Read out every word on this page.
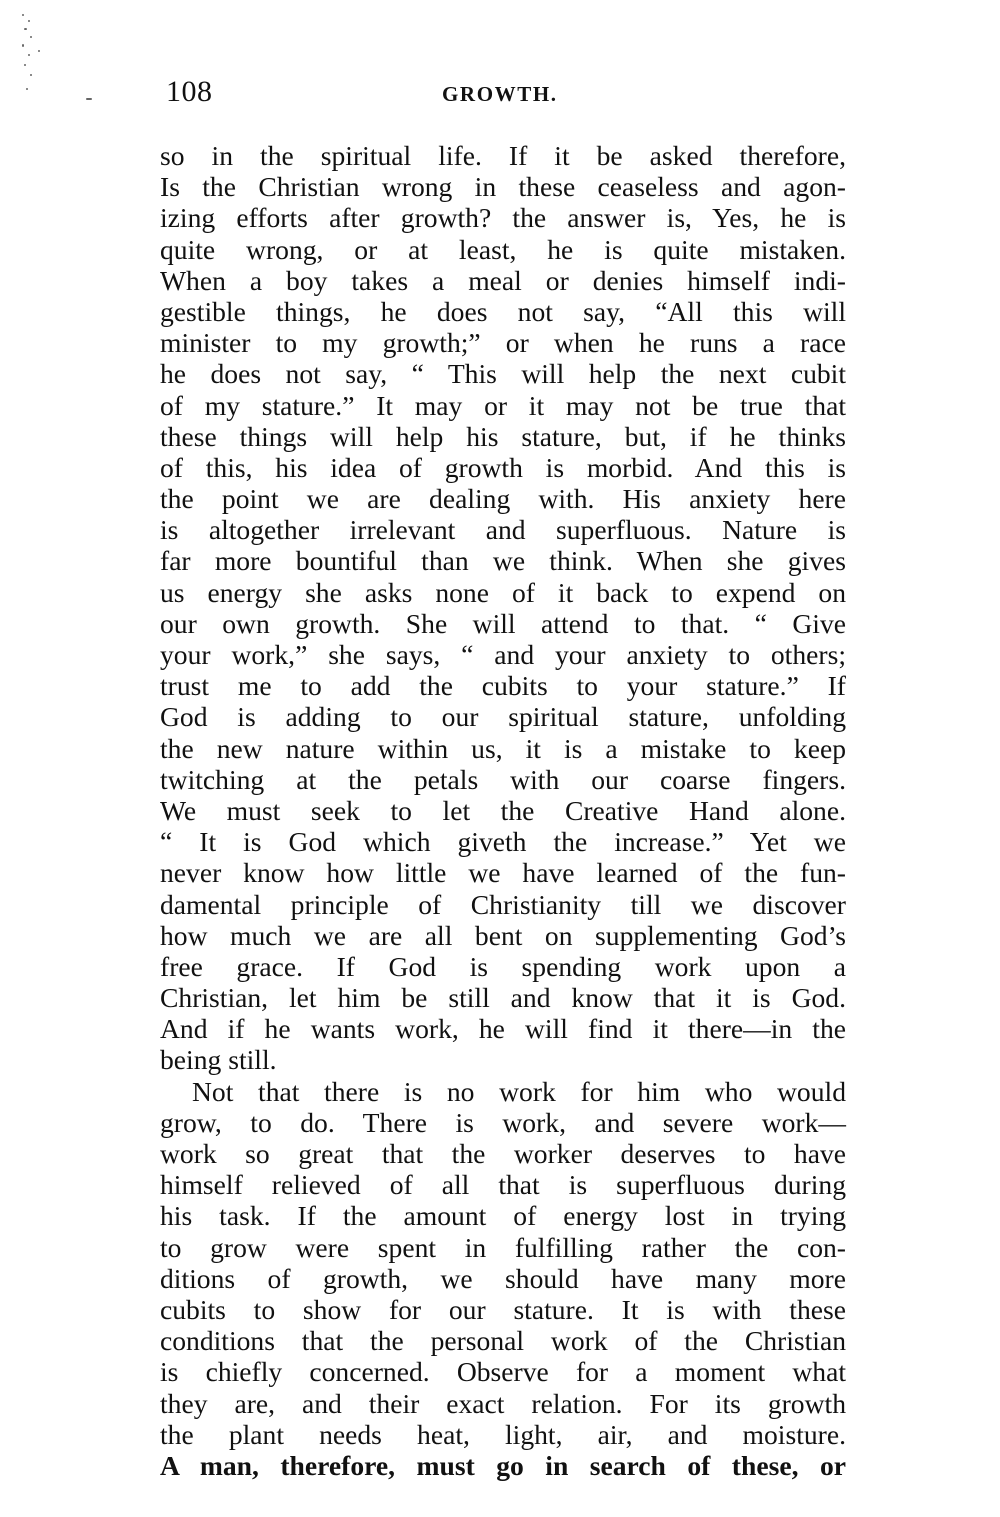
108	GROWTH.
so in the spiritual life. If it be asked therefore,
Is the Christian wrong in these ceaseless and agon-
izing efforts after growth? the answer is, Yes, he is
quite wrong, or at least, he is quite mistaken.
When a boy takes a meal or denies himself indi-
gestible things, he does not say, “All this will
minister to my growth;” or when he runs a race
he does not say, “ This will help the next cubit
of my stature.” It may or it may not be true that
these things will help his stature, but, if he thinks
of this, his idea of growth is morbid. And this is
the point we are dealing with. His anxiety here
is altogether irrelevant and superfluous. Nature is
far more bountiful than we think. When she gives
us energy she asks none of it back to expend on
our own growth. She will attend to that. “ Give
your work,” she says, “ and your anxiety to others;
trust me to add the cubits to your stature.” If
God is adding to our spiritual stature, unfolding
the new nature within us, it is a mistake to keep
twitching at the petals with our coarse fingers.
We must seek to let the Creative Hand alone.
“ It is God which giveth the increase.” Yet we
never know how little we have learned of the fun-
damental principle of Christianity till we discover
how much we are all bent on supplementing God’s
free grace. If God is spending work upon a
Christian, let him be still and know that it is God.
And if he wants work, he will find it there—in the
being still.
Not that there is no work for him who would
grow, to do. There is work, and severe work—
work so great that the worker deserves to have
himself relieved of all that is superfluous during
his task. If the amount of energy lost in trying
to grow were spent in fulfilling rather the con-
ditions of growth, we should have many more
cubits to show for our stature. It is with these
conditions that the personal work of the Christian
is chiefly concerned. Observe for a moment what
they are, and their exact relation. For its growth
the plant needs heat, light, air, and moisture.
A man, therefore, must go in search of these, or
